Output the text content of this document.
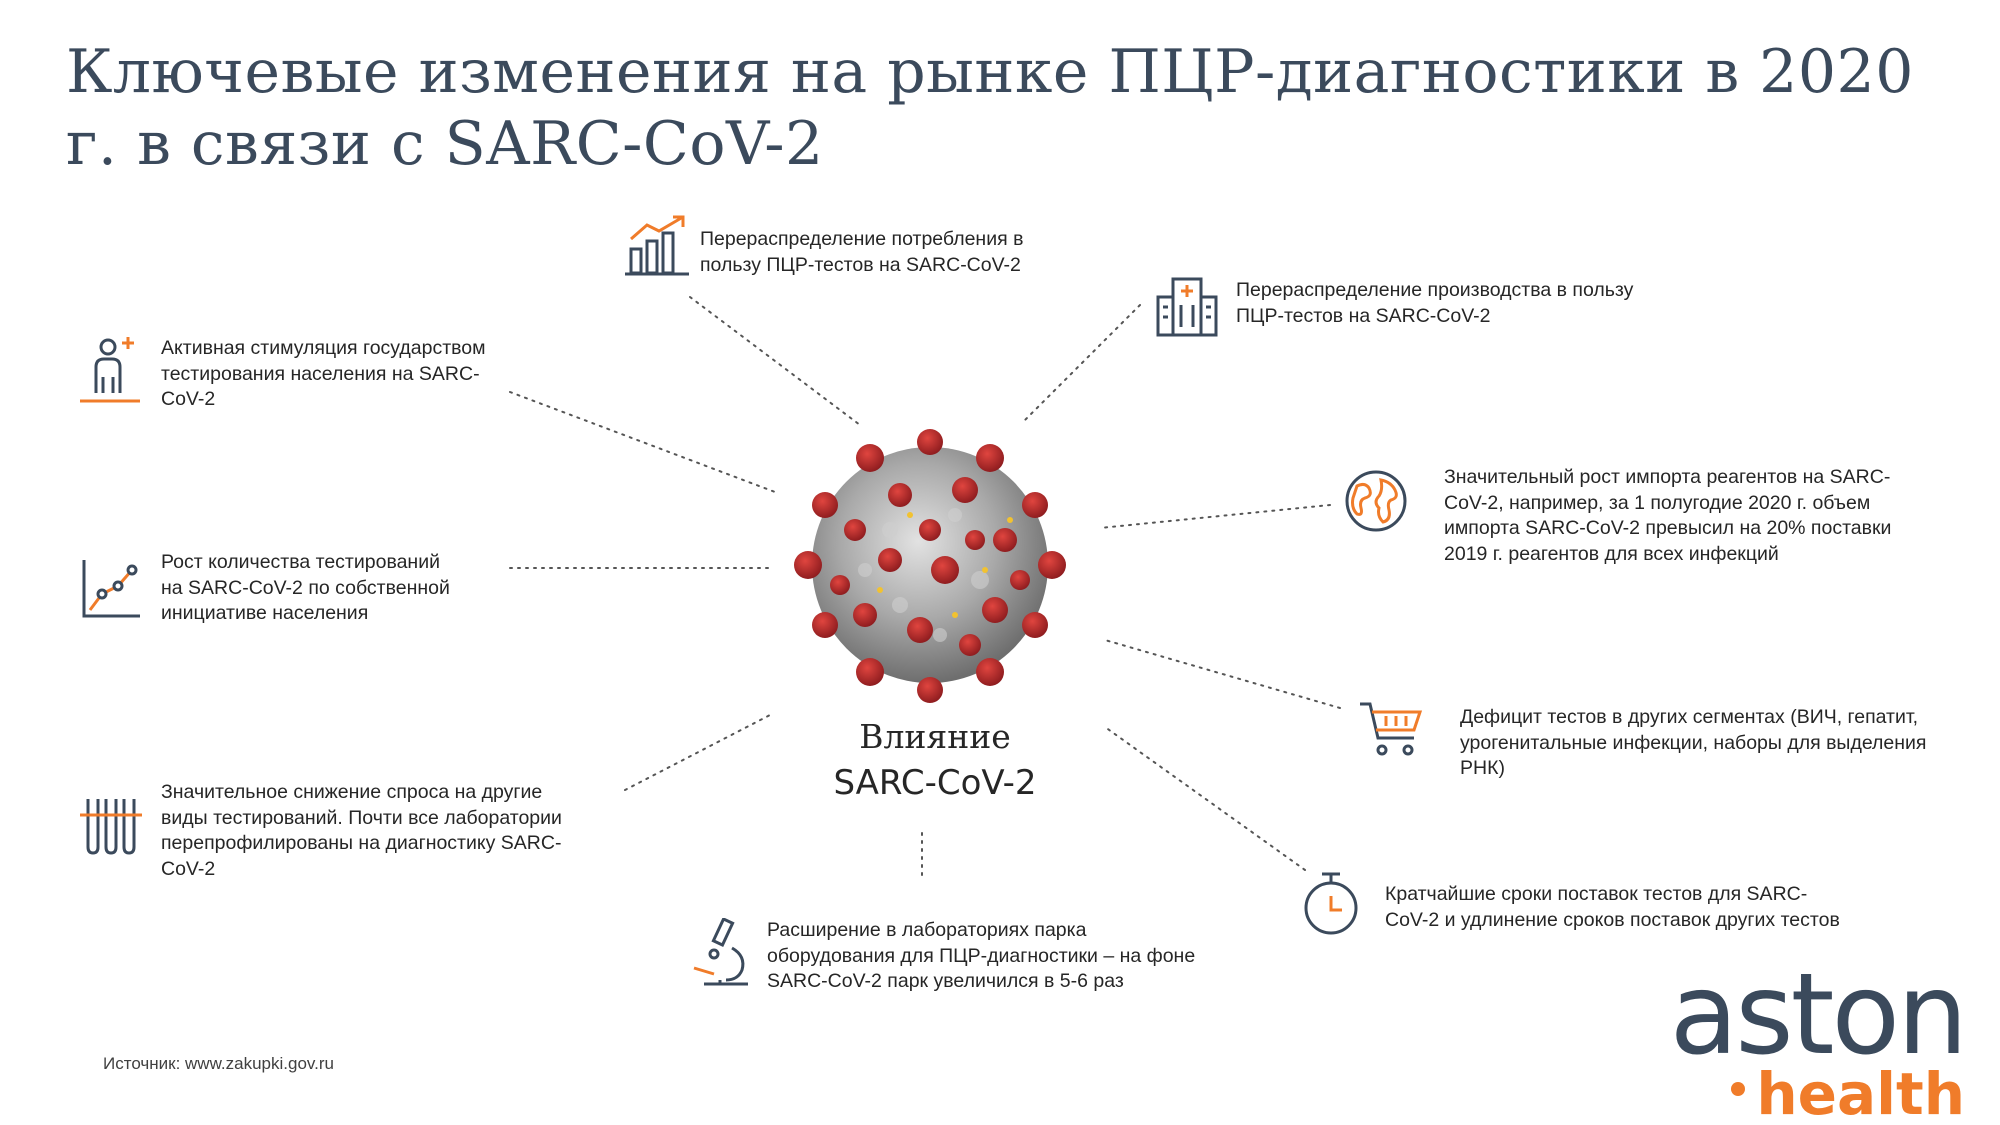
Ключевые изменения на рынке ПЦР-диагностики в 2020 г. в связи с SARC-CoV-2
Влияние
SARC-CoV-2
Перераспределение потребления в пользу ПЦР-тестов на SARC-CoV-2
Перераспределение производства в пользу ПЦР-тестов на SARC-CoV-2
Активная стимуляция государством тестирования населения на SARC-CoV-2
Значительный рост импорта реагентов на SARC-CoV-2, например, за 1 полугодие 2020 г. объем импорта SARC-CoV-2 превысил на 20% поставки 2019 г. реагентов для всех инфекций
Рост количества тестирований на SARC-CoV-2 по собственной инициативе населения
Дефицит тестов в других сегментах (ВИЧ, гепатит, урогенитальные инфекции, наборы для выделения РНК)
Значительное снижение спроса на другие виды тестирований. Почти все лаборатории перепрофилированы на диагностику SARC-CoV-2
Кратчайшие сроки поставок тестов для SARC-CoV-2 и удлинение сроков поставок других тестов
Расширение в лабораториях парка оборудования для ПЦР-диагностики – на фоне SARC-CoV-2 парк увеличился в 5-6 раз
Источник: www.zakupki.gov.ru	aston
health
